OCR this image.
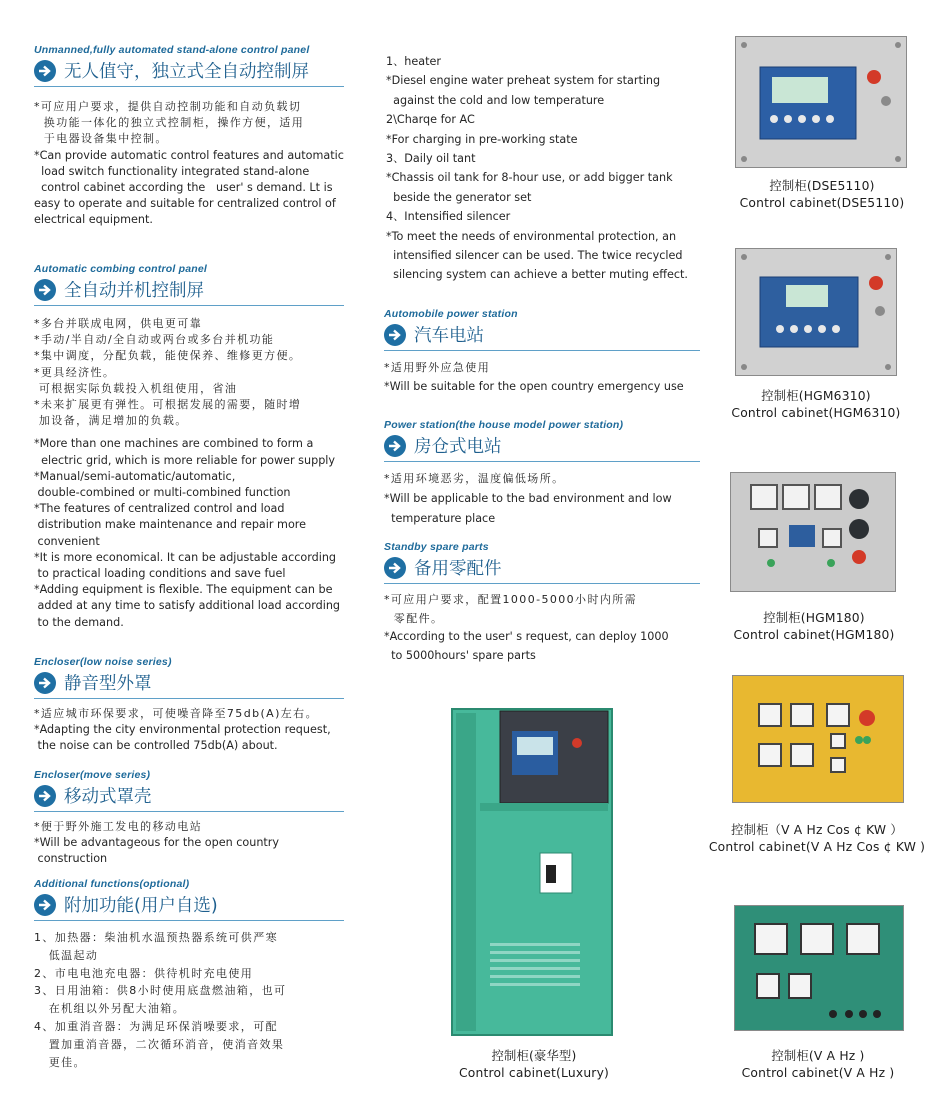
Unmanned,fully automated stand-alone control panel
无人值守，独立式全自动控制屏
*可应用户要求，提供自动控制功能和自动负载切
换功能一体化的独立式控制柜，操作方便，适用
于电器设备集中控制。
*Can provide automatic control features and automatic
load switch functionality integrated stand-alone
control cabinet according the   user' s demand. Lt is
easy to operate and suitable for centralized control of
electrical equipment.
Automatic combing control panel
全自动并机控制屏
*多台并联成电网，供电更可靠
*手动/半自动/全自动或两台或多台并机功能
*集中调度，分配负载，能使保养、维修更方便。
*更具经济性。
可根据实际负载投入机组使用，省油
*未来扩展更有弹性。可根据发展的需要，随时增
加设备，满足增加的负载。
*More than one machines are combined to form a
electric grid, which is more reliable for power supply
*Manual/semi-automatic/automatic,
double-combined or multi-combined function
*The features of centralized control and load
distribution make maintenance and repair more
convenient
*It is more economical. It can be adjustable according
to practical loading conditions and save fuel
*Adding equipment is flexible. The equipment can be
added at any time to satisfy additional load according
to the demand.
Encloser(low noise series)
静音型外罩
*适应城市环保要求，可使噪音降至75db(A)左右。
*Adapting the city environmental protection request,
the noise can be controlled 75db(A) about.
Encloser(move series)
移动式罩壳
*便于野外施工发电的移动电站
*Will be advantageous for the open country
construction
Additional functions(optional)
附加功能(用户自选)
1、加热器：柴油机水温预热器系统可供严寒
低温起动
2、市电电池充电器：供待机时充电使用
3、日用油箱：供8小时使用底盘燃油箱，也可
在机组以外另配大油箱。
4、加重消音器：为满足环保消噪要求，可配
置加重消音器，二次循环消音，使消音效果
更佳。
1、heater
*Diesel engine water preheat system for starting
against the cold and low temperature
2\Charqe for AC
*For charging in pre-working state
3、Daily oil tant
*Chassis oil tank for 8-hour use, or add bigger tank
beside the generator set
4、Intensified silencer
*To meet the needs of environmental protection, an
intensified silencer can be used. The twice recycled
silencing system can achieve a better muting effect.
Automobile power station
汽车电站
*适用野外应急使用
*Will be suitable for the open country emergency use
Power station(the house model power station)
房仓式电站
*适用环境恶劣，温度偏低场所。
*Will be applicable to the bad environment and low
temperature place
Standby spare parts
备用零配件
*可应用户要求，配置1000-5000小时内所需
零配件。
*According to the user' s request, can deploy 1000
to 5000hours' spare parts
控制柜(豪华型)
Control cabinet(Luxury)
控制柜(DSE5110)
Control cabinet(DSE5110)
控制柜(HGM6310)
Control cabinet(HGM6310)
控制柜(HGM180)
Control cabinet(HGM180)
控制柜（V A Hz Cos ¢ KW ）
Control cabinet(V A Hz Cos ¢ KW )
控制柜(V A Hz )
Control cabinet(V A Hz )
